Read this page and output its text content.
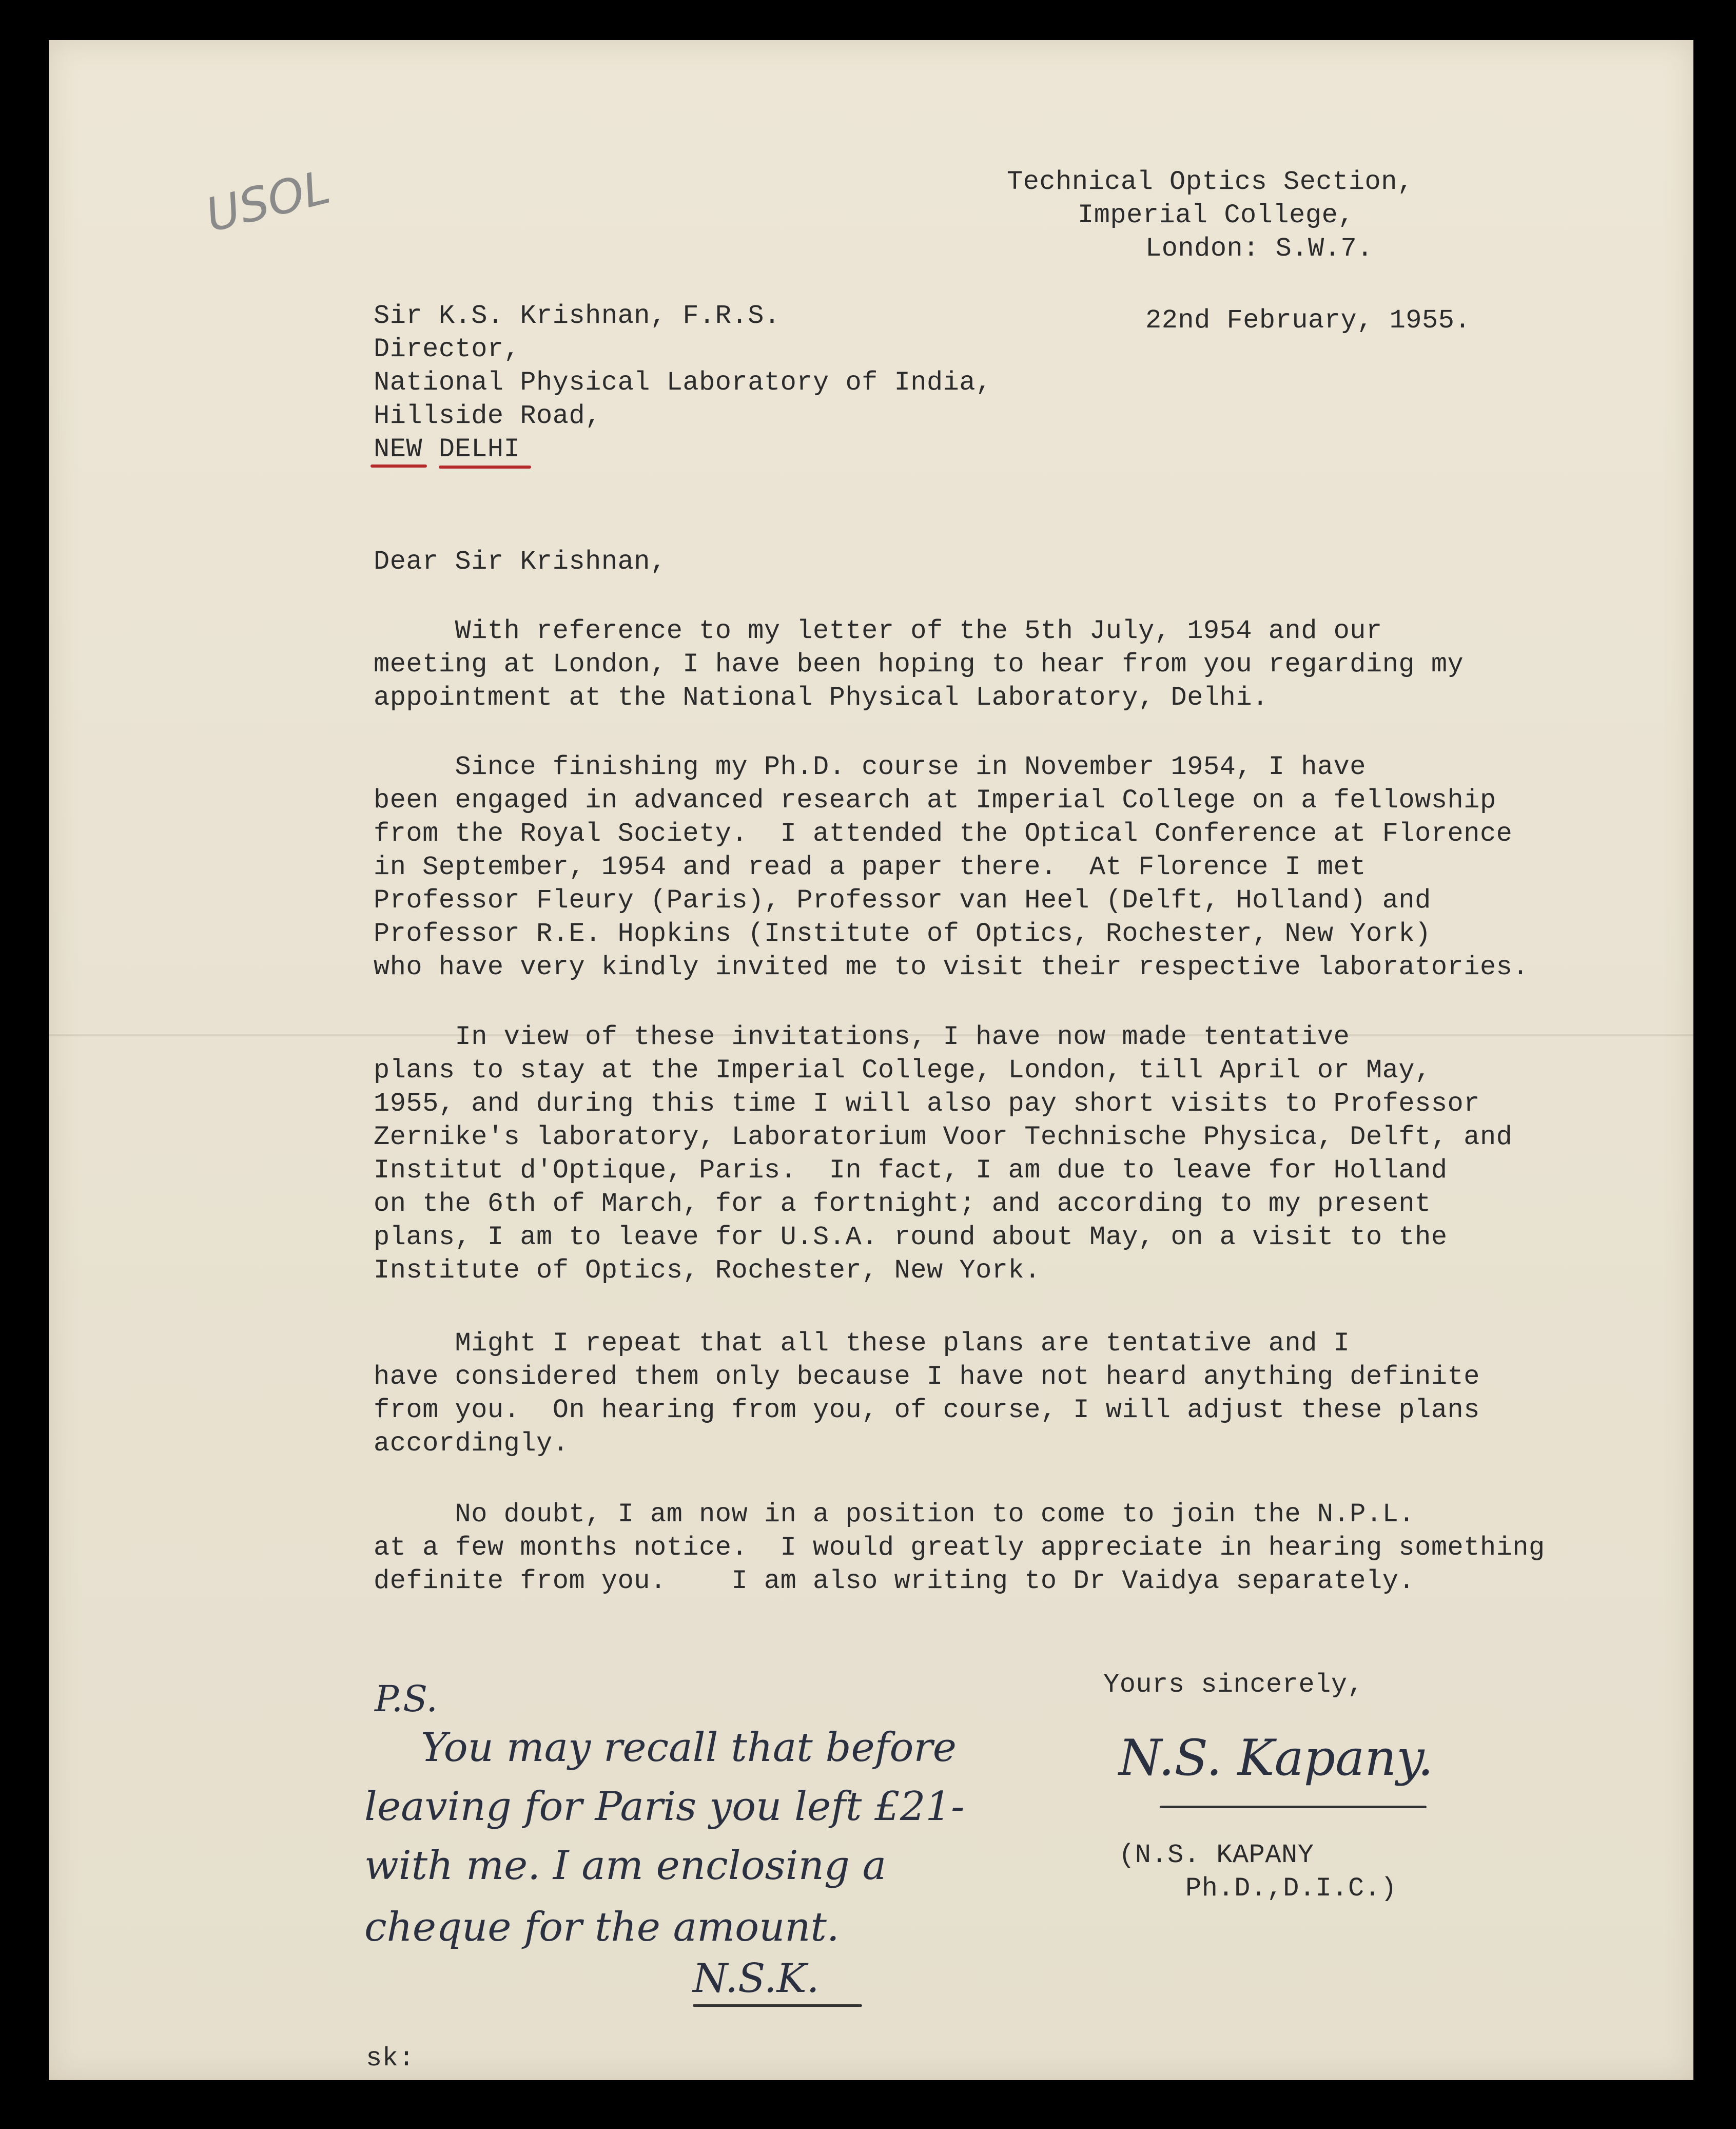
USOL	Technical Optics Section,
Imperial College,
London: S.W.7.
22nd February, 1955.
Sir K.S. Krishnan, F.R.S.
Director,
National Physical Laboratory of India,
Hillside Road,
NEW DELHI
Dear Sir Krishnan,
With reference to my letter of the 5th July, 1954 and our
meeting at London, I have been hoping to hear from you regarding my
appointment at the National Physical Laboratory, Delhi.
Since finishing my Ph.D. course in November 1954, I have
been engaged in advanced research at Imperial College on a fellowship
from the Royal Society.  I attended the Optical Conference at Florence
in September, 1954 and read a paper there.  At Florence I met
Professor Fleury (Paris), Professor van Heel (Delft, Holland) and
Professor R.E. Hopkins (Institute of Optics, Rochester, New York)
who have very kindly invited me to visit their respective laboratories.
In view of these invitations, I have now made tentative
plans to stay at the Imperial College, London, till April or May,
1955, and during this time I will also pay short visits to Professor
Zernike's laboratory, Laboratorium Voor Technische Physica, Delft, and
Institut d'Optique, Paris.  In fact, I am due to leave for Holland
on the 6th of March, for a fortnight; and according to my present
plans, I am to leave for U.S.A. round about May, on a visit to the
Institute of Optics, Rochester, New York.
Might I repeat that all these plans are tentative and I
have considered them only because I have not heard anything definite
from you.  On hearing from you, of course, I will adjust these plans
accordingly.
No doubt, I am now in a position to come to join the N.P.L.
at a few months notice.  I would greatly appreciate in hearing something
definite from you.    I am also writing to Dr Vaidya separately.
Yours sincerely,
N.S. Kapany.
(N.S. KAPANY
Ph.D.,D.I.C.)
P.S.
You may recall that before
leaving for Paris you left £21-
with me. I am enclosing a
cheque for the amount.
N.S.K.
sk:
